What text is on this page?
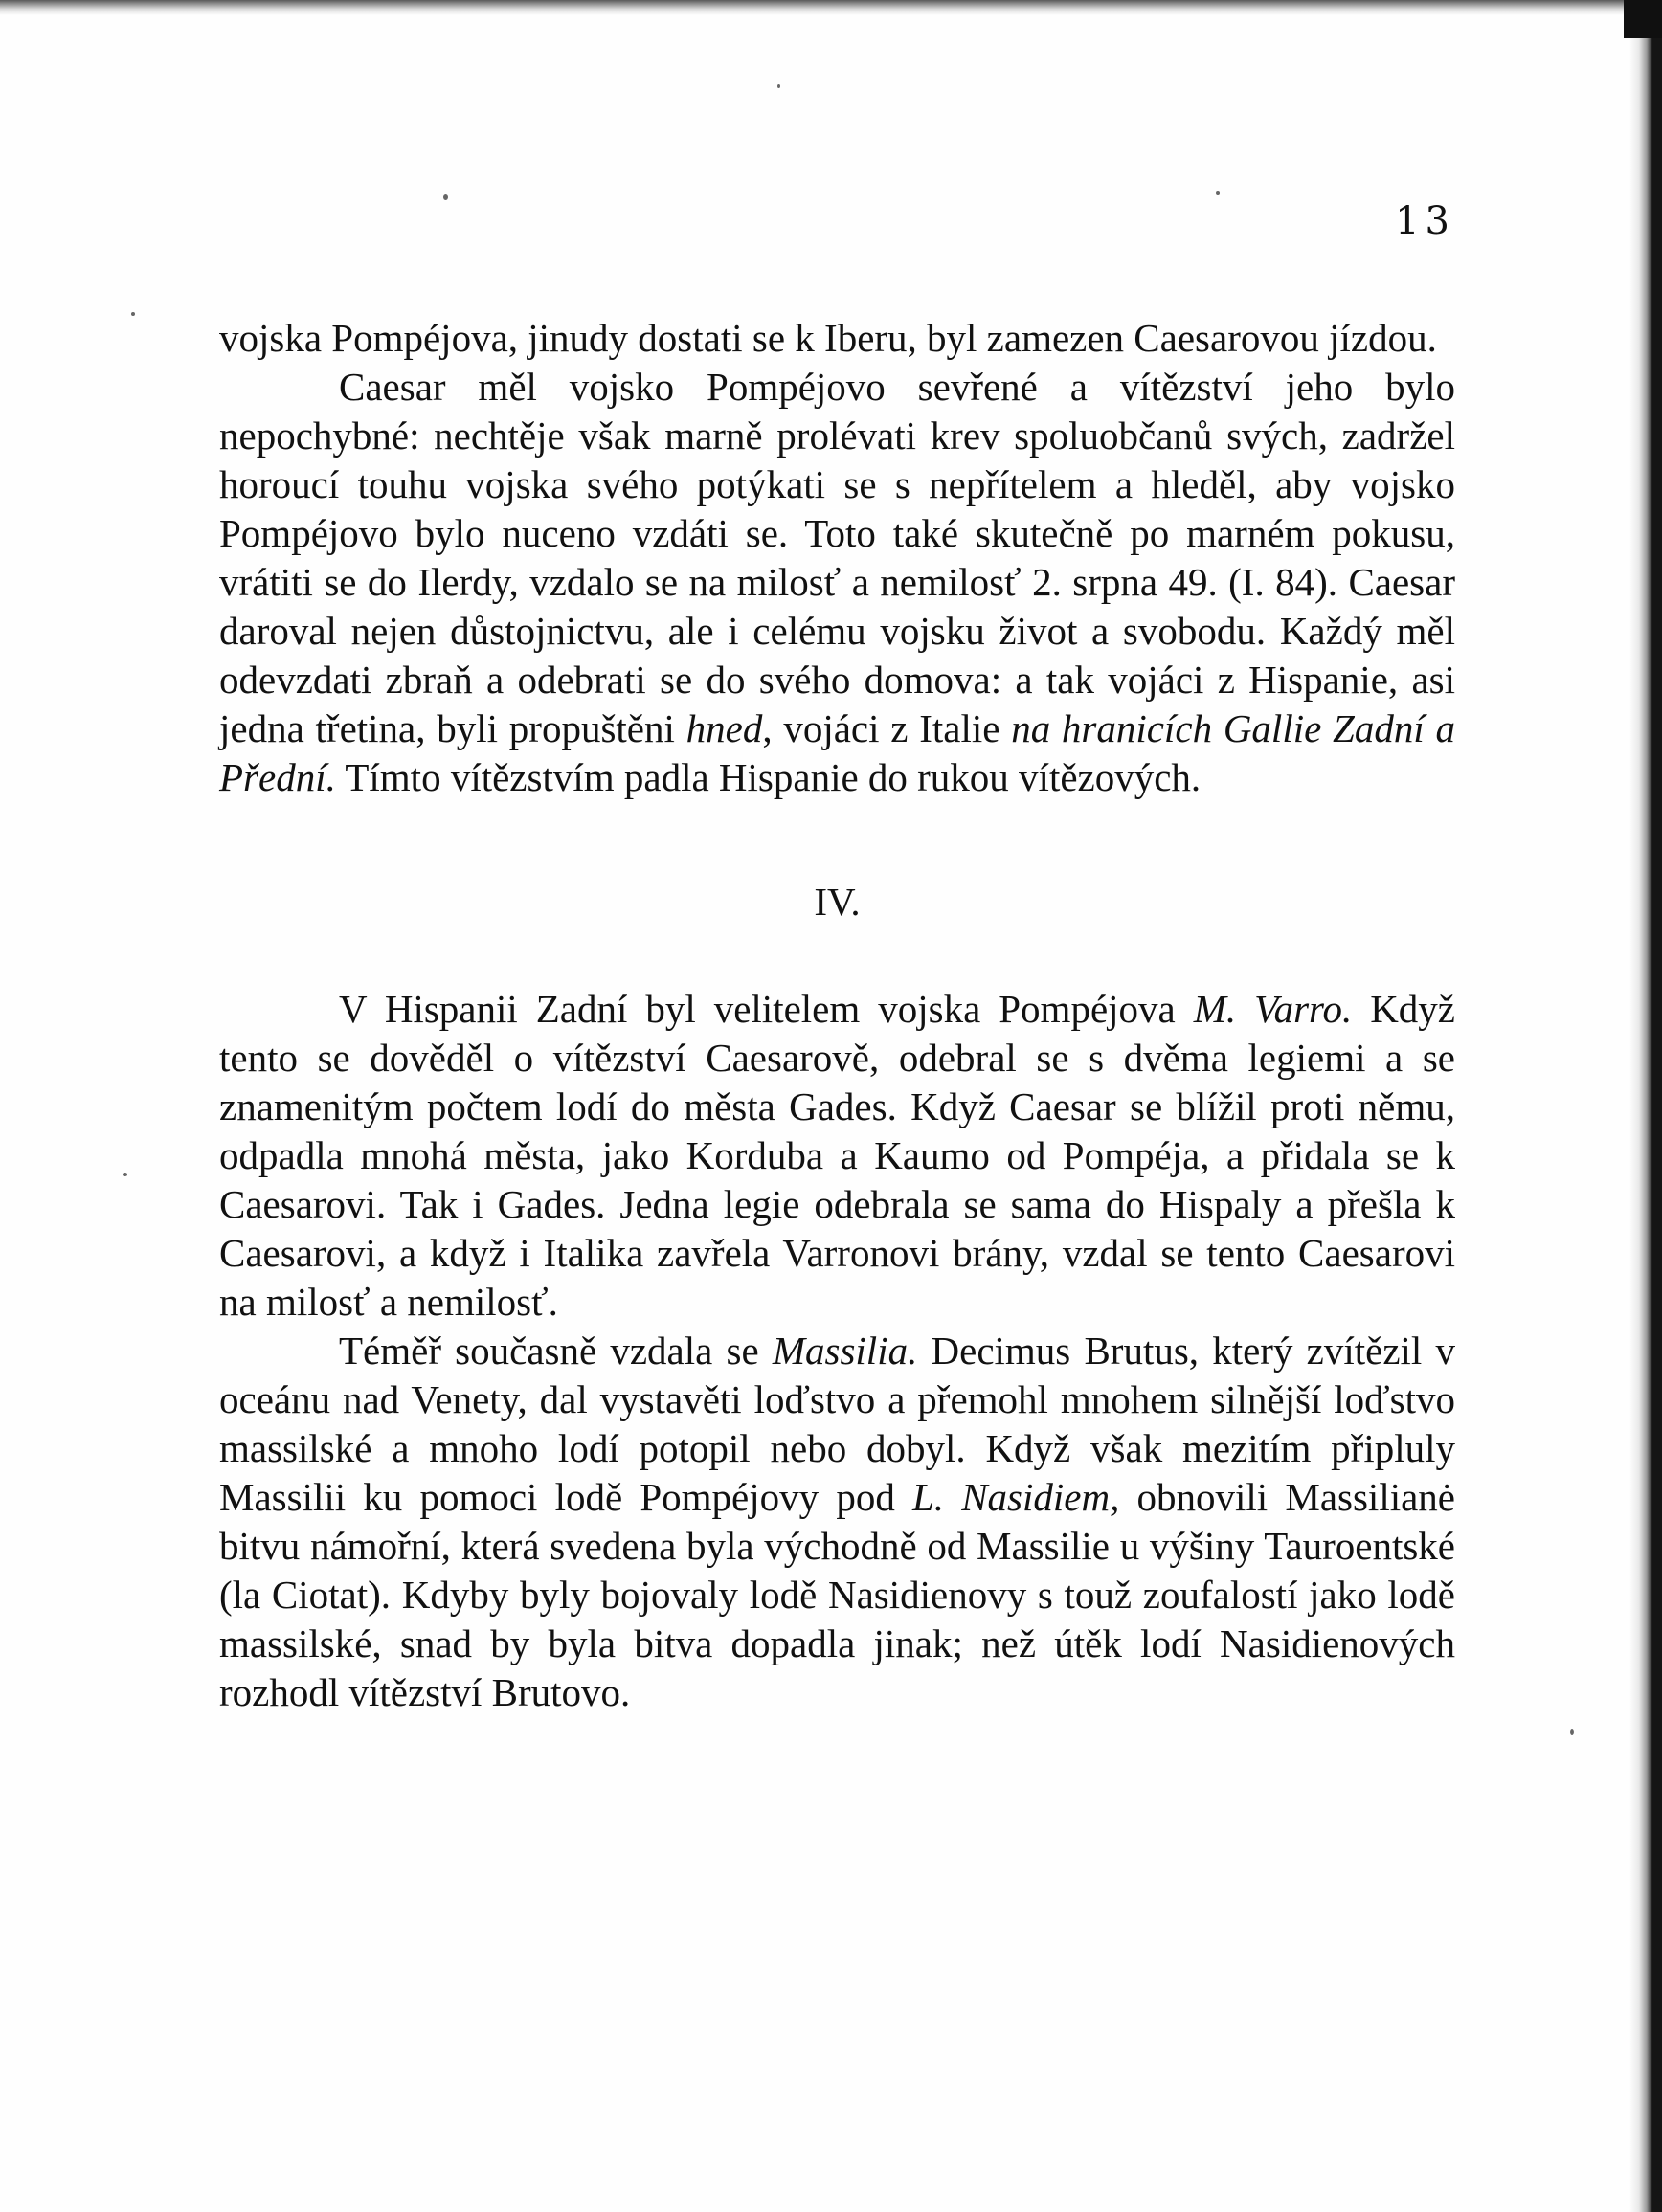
13

vojska Pompéjova, jinudy dostati se k Iberu, byl zamezen Caesarovou jízdou.

Caesar měl vojsko Pompéjovo sevřené a vítězství jeho bylo nepochybné: nechtěje však marně prolévati krev spoluobčanů svých, zadržel horoucí touhu vojska svého potýkati se s nepřítelem a hleděl, aby vojsko Pompéjovo bylo nuceno vzdáti se. Toto také skutečně po marném pokusu, vrátiti se do Ilerdy, vzdalo se na milosť a nemilosť 2. srpna 49. (I. 84). Caesar daroval nejen důstojnictvu, ale i celému vojsku život a svobodu. Každý měl odevzdati zbraň a odebrati se do svého domova: a tak vojáci z Hispanie, asi jedna třetina, byli propuštěni hned, vojáci z Italie na hranicích Gallie Zadní a Přední. Tímto vítězstvím padla Hispanie do rukou vítězových.

IV.

V Hispanii Zadní byl velitelem vojska Pompéjova M. Varro. Když tento se dověděl o vítězství Caesarově, odebral se s dvěma legiemi a se znamenitým počtem lodí do města Gades. Když Caesar se blížil proti němu, odpadla mnohá města, jako Korduba a Kaumo od Pompéja, a přidala se k Caesarovi. Tak i Gades. Jedna legie odebrala se sama do Hispaly a přešla k Caesarovi, a když i Italika zavřela Varronovi brány, vzdal se tento Caesarovi na milosť a nemilosť.

Téměř současně vzdala se Massilia. Decimus Brutus, který zvítězil v oceánu nad Venety, dal vystavěti loďstvo a přemohl mnohem silnější loďstvo massilské a mnoho lodí potopil nebo dobyl. Když však mezitím připluly Massilii ku pomoci lodě Pompéjovy pod L. Nasidiem, obnovili Massilianė bitvu námořní, která svedena byla východně od Massilie u výšiny Tauroentské (la Ciotat). Kdyby byly bojovaly lodě Nasidienovy s touž zoufalostí jako lodě massilské, snad by byla bitva dopadla jinak; než útěk lodí Nasidienových rozhodl vítězství Brutovo.
